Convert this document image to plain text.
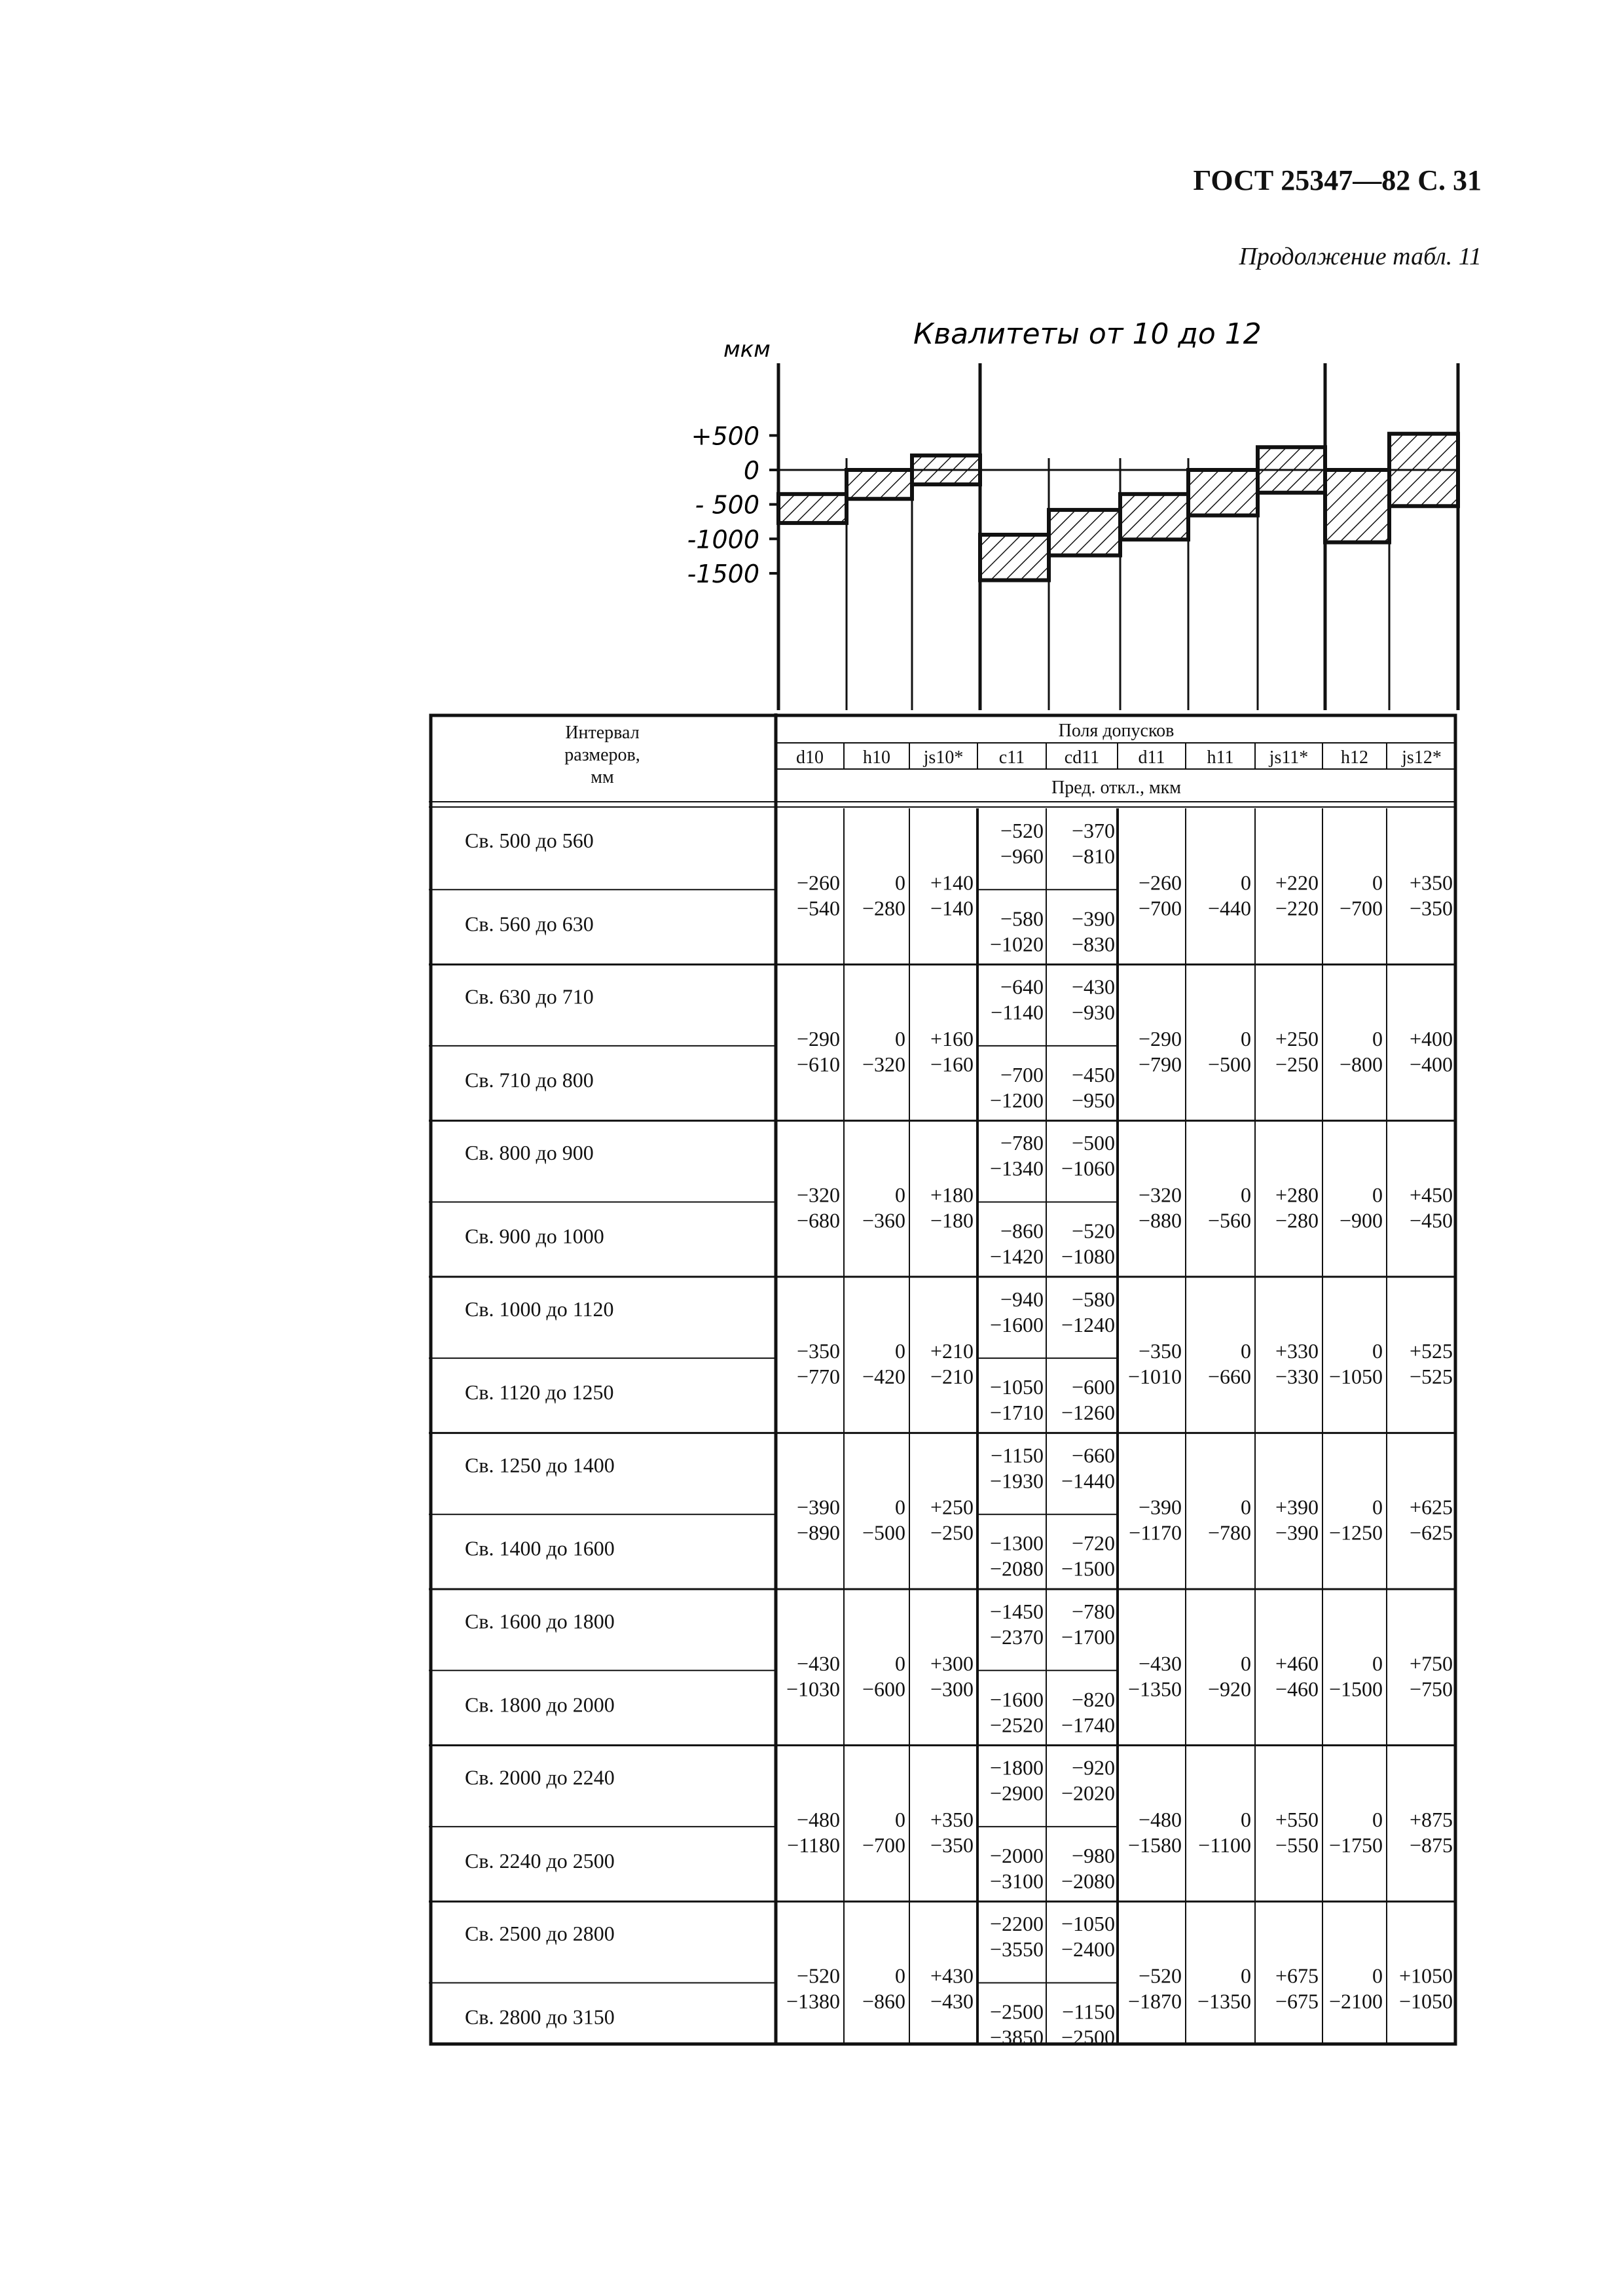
ГОСТ 25347—82 С. 31
Продолжение табл. 11
Квалитеты от 10 до 12
мкм
+500
0
- 500
-1000
-1500
Интервал
размеров,
мм
Поля допусков
d10 h10 js10* c11 cd11 d11 h11 js11* h12 js12*
Пред. откл., мкм
Св. 500 до 560
Св. 560 до 630
−260
−540
0
−280
+140
−140
−260
−700
0
−440
+220
−220
0
−700
+350
−350
−520
−960
−580
−1020
−370
−810
−390
−830
Св. 630 до 710
Св. 710 до 800
−290
−610
0
−320
+160
−160
−290
−790
0
−500
+250
−250
0
−800
+400
−400
−640
−1140
−700
−1200
−430
−930
−450
−950
Св. 800 до 900
Св. 900 до 1000
−320
−680
0
−360
+180
−180
−320
−880
0
−560
+280
−280
0
−900
+450
−450
−780
−1340
−860
−1420
−500
−1060
−520
−1080
Св. 1000 до 1120
Св. 1120 до 1250
−350
−770
0
−420
+210
−210
−350
−1010
0
−660
+330
−330
0
−1050
+525
−525
−940
−1600
−1050
−1710
−580
−1240
−600
−1260
Св. 1250 до 1400
Св. 1400 до 1600
−390
−890
0
−500
+250
−250
−390
−1170
0
−780
+390
−390
0
−1250
+625
−625
−1150
−1930
−1300
−2080
−660
−1440
−720
−1500
Св. 1600 до 1800
Св. 1800 до 2000
−430
−1030
0
−600
+300
−300
−430
−1350
0
−920
+460
−460
0
−1500
+750
−750
−1450
−2370
−1600
−2520
−780
−1700
−820
−1740
Св. 2000 до 2240
Св. 2240 до 2500
−480
−1180
0
−700
+350
−350
−480
−1580
0
−1100
+550
−550
0
−1750
+875
−875
−1800
−2900
−2000
−3100
−920
−2020
−980
−2080
Св. 2500 до 2800
Св. 2800 до 3150
−520
−1380
0
−860
+430
−430
−520
−1870
0
−1350
+675
−675
0
−2100
+1050
−1050
−2200
−3550
−2500
−3850
−1050
−2400
−1150
−2500
